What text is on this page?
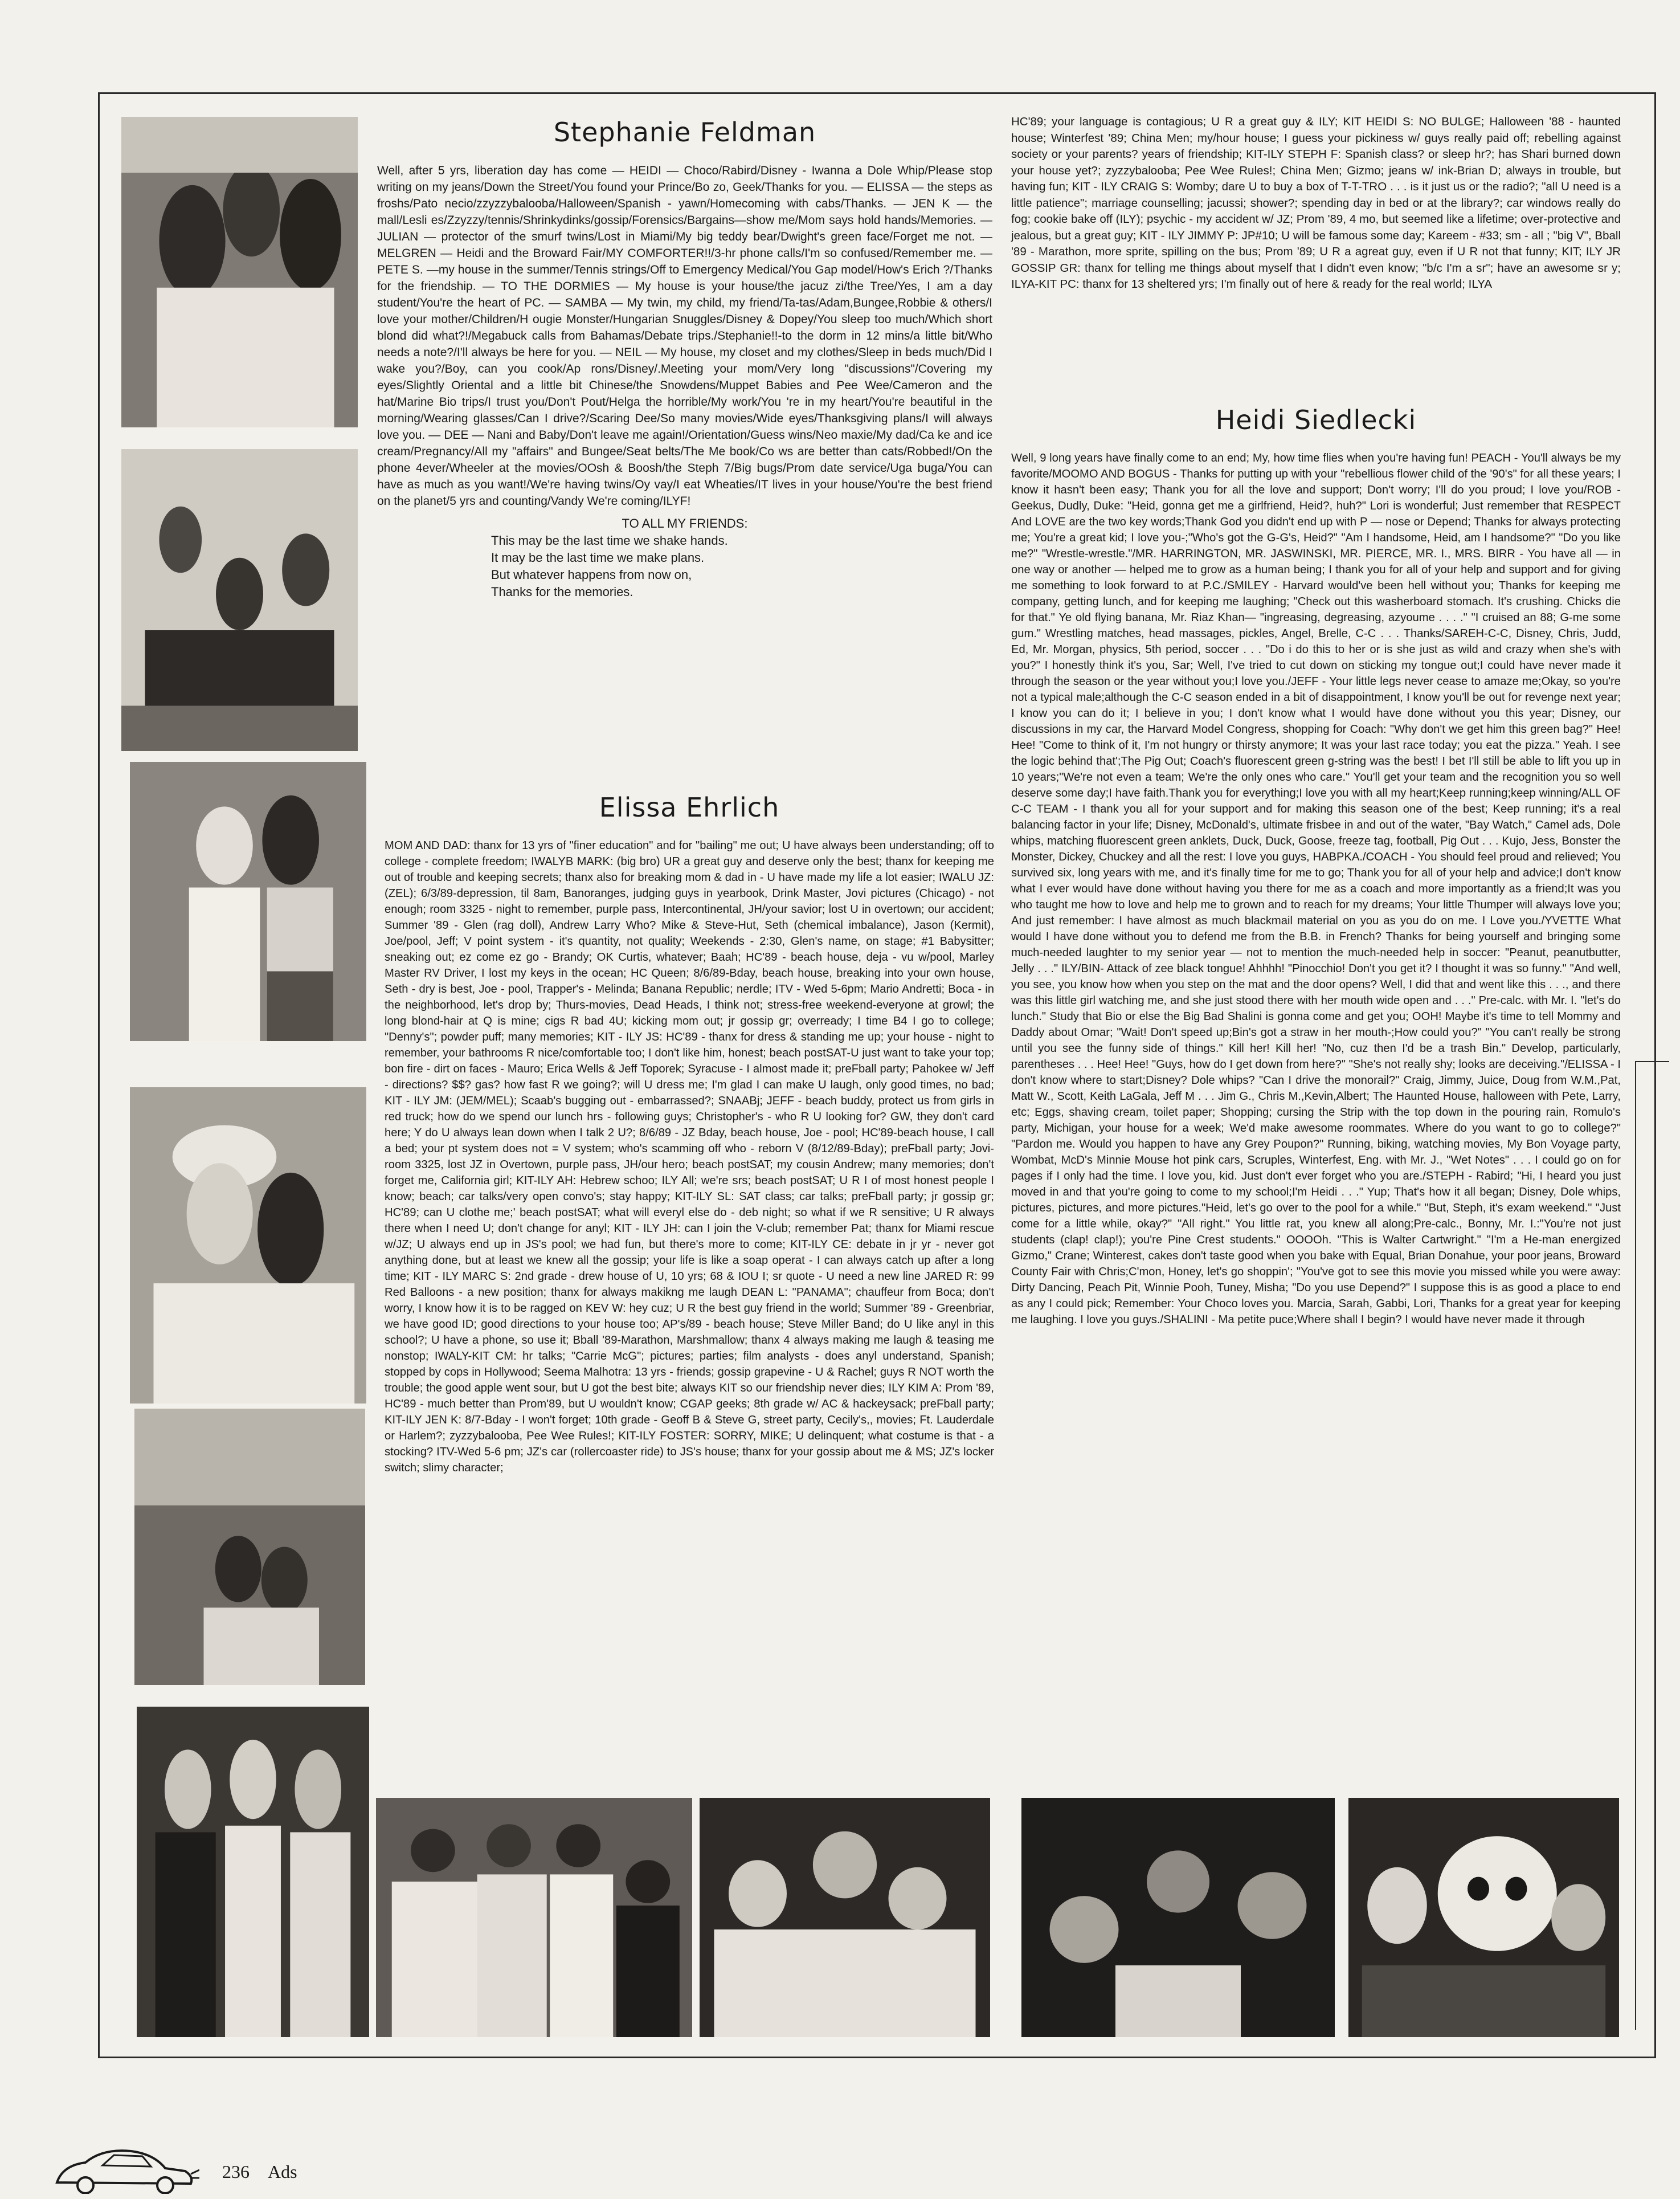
Stephanie Feldman

Well, after 5 yrs, liberation day has come — HEIDI — Choco/Rabird/Disney - Iwanna a Dole Whip/Please stop writing on my jeans/Down the Street/You found your Prince/Bo zo, Geek/Thanks for you. — ELISSA — the steps as froshs/Pato necio/zzyzzybalooba/Halloween/Spanish - yawn/Homecoming with cabs/Thanks. — JEN K — the mall/Lesli es/Zzyzzy/tennis/Shrinkydinks/gossip/Forensics/Bargains—show me/Mom says hold hands/Memories. — JULIAN — protector of the smurf twins/Lost in Miami/My big teddy bear/Dwight's green face/Forget me not. — MELGREN — Heidi and the Broward Fair/MY COMFORTER!!/3-hr phone calls/I'm so confused/Remember me. — PETE S. —my house in the summer/Tennis strings/Off to Emergency Medical/You Gap model/How's Erich ?/Thanks for the friendship. — TO THE DORMIES — My house is your house/the jacuz zi/the Tree/Yes, I am a day student/You're the heart of PC. — SAMBA — My twin, my child, my friend/Ta-tas/Adam,Bungee,Robbie & others/I love your mother/Children/H ougie Monster/Hungarian Snuggles/Disney & Dopey/You sleep too much/Which short blond did what?!/Megabuck calls from Bahamas/Debate trips./Stephanie!!-to the dorm in 12 mins/a little bit/Who needs a note?/I'll always be here for you. — NEIL — My house, my closet and my clothes/Sleep in beds much/Did I wake you?/Boy, can you cook/Ap rons/Disney/.Meeting your mom/Very long "discussions"/Covering my eyes/Slightly Oriental and a little bit Chinese/the Snowdens/Muppet Babies and Pee Wee/Cameron and the hat/Marine Bio trips/I trust you/Don't Pout/Helga the horrible/My work/You 're in my heart/You're beautiful in the morning/Wearing glasses/Can I drive?/Scaring Dee/So many movies/Wide eyes/Thanksgiving plans/I will always love you. — DEE — Nani and Baby/Don't leave me again!/Orientation/Guess wins/Neo maxie/My dad/Ca ke and ice cream/Pregnancy/All my "affairs" and Bungee/Seat belts/The Me book/Co ws are better than cats/Robbed!/On the phone 4ever/Wheeler at the movies/OOsh & Boosh/the Steph 7/Big bugs/Prom date service/Uga buga/You can have as much as you want!/We're having twins/Oy vay/I eat Wheaties/IT lives in your house/You're the best friend on the planet/5 yrs and counting/Vandy We're coming/ILYF!

TO ALL MY FRIENDS:
This may be the last time we shake hands.
It may be the last time we make plans.
But whatever happens from now on,
Thanks for the memories.
Elissa Ehrlich

MOM AND DAD: thanx for 13 yrs of "finer education" and for "bailing" me out; U have always been understanding; off to college - complete freedom; IWALYB MARK: (big bro) UR a great guy and deserve only the best; thanx for keeping me out of trouble and keeping secrets; thanx also for breaking mom & dad in - U have made my life a lot easier; IWALU JZ: (ZEL); 6/3/89-depression, til 8am, Banoranges, judging guys in yearbook, Drink Master, Jovi pictures (Chicago) - not enough; room 3325 - night to remember, purple pass, Intercontinental, JH/your savior; lost U in overtown; our accident; Summer '89 - Glen (rag doll), Andrew Larry Who? Mike & Steve-Hut, Seth (chemical imbalance), Jason (Kermit), Joe/pool, Jeff; V point system - it's quantity, not quality; Weekends - 2:30, Glen's name, on stage; #1 Babysitter; sneaking out; ez come ez go - Brandy; OK Curtis, whatever; Baah; HC'89 - beach house, deja - vu w/pool, Marley Master RV Driver, I lost my keys in the ocean; HC Queen; 8/6/89-Bday, beach house, breaking into your own house, Seth - dry is best, Joe - pool, Trapper's - Melinda; Banana Republic; nerdle; ITV - Wed 5-6pm; Mario Andretti; Boca - in the neighborhood, let's drop by; Thurs-movies, Dead Heads, I think not; stress-free weekend-everyone at growl; the long blond-hair at Q is mine; cigs R bad 4U; kicking mom out; jr gossip gr; overready; I time B4 I go to college; "Denny's"; powder puff; many memories; KIT - ILY JS: HC'89 - thanx for dress & standing me up; your house - night to remember, your bathrooms R nice/comfortable too; I don't like him, honest; beach postSAT-U just want to take your top; bon fire - dirt on faces - Mauro; Erica Wells & Jeff Toporek; Syracuse - I almost made it; preFball party; Pahokee w/ Jeff - directions? $$? gas? how fast R we going?; will U dress me; I'm glad I can make U laugh, only good times, no bad; KIT - ILY JM: (JEM/MEL); Scaab's bugging out - embarrassed?; SNAABj; JEFF - beach buddy, protect us from girls in red truck; how do we spend our lunch hrs - following guys; Christopher's - who R U looking for? GW, they don't card here; Y do U always lean down when I talk 2 U?; 8/6/89 - JZ Bday, beach house, Joe - pool; HC'89-beach house, I call a bed; your pt system does not = V system; who's scamming off who - reborn V (8/12/89-Bday); preFball party; Jovi-room 3325, lost JZ in Overtown, purple pass, JH/our hero; beach postSAT; my cousin Andrew; many memories; don't forget me, California girl; KIT-ILY AH: Hebrew schoo; ILY All; we're srs; beach postSAT; U R I of most honest people I know; beach; car talks/very open convo's; stay happy; KIT-ILY SL: SAT class; car talks; preFball party; jr gossip gr; HC'89; can U clothe me;' beach postSAT; what will everyl else do - deb night; so what if we R sensitive; U R always there when I need U; don't change for anyl; KIT - ILY JH: can I join the V-club; remember Pat; thanx for Miami rescue w/JZ; U always end up in JS's pool; we had fun, but there's more to come; KIT-ILY CE: debate in jr yr - never got anything done, but at least we knew all the gossip; your life is like a soap operat - I can always catch up after a long time; KIT - ILY MARC S: 2nd grade - drew house of U, 10 yrs; 68 & IOU I; sr quote - U need a new line JARED R: 99 Red Balloons - a new position; thanx for always makikng me laugh DEAN L: "PANAMA"; chauffeur from Boca; don't worry, I know how it is to be ragged on KEV W: hey cuz; U R the best guy friend in the world; Summer '89 - Greenbriar, we have good ID; good directions to your house too; AP's/89 - beach house; Steve Miller Band; do U like anyl in this school?; U have a phone, so use it; Bball '89-Marathon, Marshmallow; thanx 4 always making me laugh & teasing me nonstop; IWALY-KIT CM: hr talks; "Carrie McG"; pictures; parties; film analysts - does anyl understand, Spanish; stopped by cops in Hollywood; Seema Malhotra: 13 yrs - friends; gossip grapevine - U & Rachel; guys R NOT worth the trouble; the good apple went sour, but U got the best bite; always KIT so our friendship never dies; ILY KIM A: Prom '89, HC'89 - much better than Prom'89, but U wouldn't know; CGAP geeks; 8th grade w/ AC & hackeysack; preFball party; KIT-ILY JEN K: 8/7-Bday - I won't forget; 10th grade - Geoff B & Steve G, street party, Cecily's,, movies; Ft. Lauderdale or Harlem?; zyzzybalooba, Pee Wee Rules!; KIT-ILY FOSTER: SORRY, MIKE; U delinquent; what costume is that - a stocking? ITV-Wed 5-6 pm; JZ's car (rollercoaster ride) to JS's house; thanx for your gossip about me & MS; JZ's locker switch; slimy character;

HC'89; your language is contagious; U R a great guy & ILY; KIT HEIDI S: NO BULGE; Halloween '88 - haunted house; Winterfest '89; China Men; my/hour house; I guess your pickiness w/ guys really paid off; rebelling against society or your parents? years of friendship; KIT-ILY STEPH F: Spanish class? or sleep hr?; has Shari burned down your house yet?; zyzzybalooba; Pee Wee Rules!; China Men; Gizmo; jeans w/ ink-Brian D; always in trouble, but having fun; KIT - ILY CRAIG S: Womby; dare U to buy a box of T-T-TRO . . . is it just us or the radio?; "all U need is a little patience"; marriage counselling; jacussi; shower?; spending day in bed or at the library?; car windows really do fog; cookie bake off (ILY); psychic - my accident w/ JZ; Prom '89, 4 mo, but seemed like a lifetime; over-protective and jealous, but a great guy; KIT - ILY JIMMY P: JP#10; U will be famous some day; Kareem - #33; sm - all ; "big V", Bball '89 - Marathon, more sprite, spilling on the bus; Prom '89; U R a agreat guy, even if U R not that funny; KIT; ILY JR GOSSIP GR: thanx for telling me things about myself that I didn't even know; "b/c I'm a sr"; have an awesome sr y; ILYA-KIT PC: thanx for 13 sheltered yrs; I'm finally out of here & ready for the real world; ILYA

Heidi Siedlecki

Well, 9 long years have finally come to an end; My, how time flies when you're having fun! PEACH - You'll always be my favorite/MOOMO AND BOGUS - Thanks for putting up with your "rebellious flower child of the '90's" for all these years; I know it hasn't been easy; Thank you for all the love and support; Don't worry; I'll do you proud; I love you/ROB - Geekus, Dudly, Duke: "Heid, gonna get me a girlfriend, Heid?, huh?" Lori is wonderful; Just remember that RESPECT And LOVE are the two key words;Thank God you didn't end up with P — nose or Depend; Thanks for always protecting me; You're a great kid; I love you-;"Who's got the G-G's, Heid?" "Am I handsome, Heid, am I handsome?" "Do you like me?" "Wrestle-wrestle."/MR. HARRINGTON, MR. JASWINSKI, MR. PIERCE, MR. I., MRS. BIRR - You have all — in one way or another — helped me to grow as a human being; I thank you for all of your help and support and for giving me something to look forward to at P.C./SMILEY - Harvard would've been hell without you; Thanks for keeping me company, getting lunch, and for keeping me laughing; "Check out this washerboard stomach. It's crushing. Chicks die for that." Ye old flying banana, Mr. Riaz Khan— "ingreasing, degreasing, azyoume . . . ." "I cruised an 88; G-me some gum." Wrestling matches, head massages, pickles, Angel, Brelle, C-C . . . Thanks/SAREH-C-C, Disney, Chris, Judd, Ed, Mr. Morgan, physics, 5th period, soccer . . . "Do i do this to her or is she just as wild and crazy when she's with you?" I honestly think it's you, Sar; Well, I've tried to cut down on sticking my tongue out;I could have never made it through the season or the year without you;I love you./JEFF - Your little legs never cease to amaze me;Okay, so you're not a typical male;although the C-C season ended in a bit of disappointment, I know you'll be out for revenge next year; I know you can do it; I believe in you; I don't know what I would have done without you this year; Disney, our discussions in my car, the Harvard Model Congress, shopping for Coach: "Why don't we get him this green bag?" Hee! Hee! "Come to think of it, I'm not hungry or thirsty anymore; It was your last race today; you eat the pizza." Yeah. I see the logic behind that';The Pig Out; Coach's fluorescent green g-string was the best! I bet I'll still be able to lift you up in 10 years;"We're not even a team; We're the only ones who care." You'll get your team and the recognition you so well deserve some day;I have faith.Thank you for everything;I love you with all my heart;Keep running;keep winning/ALL OF C-C TEAM - I thank you all for your support and for making this season one of the best; Keep running; it's a real balancing factor in your life; Disney, McDonald's, ultimate frisbee in and out of the water, "Bay Watch," Camel ads, Dole whips, matching fluorescent green anklets, Duck, Duck, Goose, freeze tag, football, Pig Out . . . Kujo, Jess, Bonster the Monster, Dickey, Chuckey and all the rest: I love you guys, HABPKA./COACH - You should feel proud and relieved; You survived six, long years with me, and it's finally time for me to go; Thank you for all of your help and advice;I don't know what I ever would have done without having you there for me as a coach and more importantly as a friend;It was you who taught me how to love and help me to grown and to reach for my dreams; Your little Thumper will always love you; And just remember: I have almost as much blackmail material on you as you do on me. I Love you./YVETTE What would I have done without you to defend me from the B.B. in French? Thanks for being yourself and bringing some much-needed laughter to my senior year — not to mention the much-needed help in soccer: "Peanut, peanutbutter, Jelly . . ." ILY/BIN- Attack of zee black tongue! Ahhhh! "Pinocchio! Don't you get it? I thought it was so funny." "And well, you see, you know how when you step on the mat and the door opens? Well, I did that and went like this . . ., and there was this little girl watching me, and she just stood there with her mouth wide open and . . ." Pre-calc. with Mr. I. "let's do lunch." Study that Bio or else the Big Bad Shalini is gonna come and get you; OOH! Maybe it's time to tell Mommy and Daddy about Omar; "Wait! Don't speed up;Bin's got a straw in her mouth-;How could you?" "You can't really be strong until you see the funny side of things." Kill her! Kill her! "No, cuz then I'd be a trash Bin." Develop, particularly, parentheses . . . Hee! Hee! "Guys, how do I get down from here?" "She's not really shy; looks are deceiving."/ELISSA - I don't know where to start;Disney? Dole whips? "Can I drive the monorail?" Craig, Jimmy, Juice, Doug from W.M.,Pat, Matt W., Scott, Keith LaGala, Jeff M . . . Jim G., Chris M.,Kevin,Albert; The Haunted House, halloween with Pete, Larry, etc; Eggs, shaving cream, toilet paper; Shopping; cursing the Strip with the top down in the pouring rain, Romulo's party, Michigan, your house for a week; We'd make awesome roommates. Where do you want to go to college?" "Pardon me. Would you happen to have any Grey Poupon?" Running, biking, watching movies, My Bon Voyage party, Wombat, McD's Minnie Mouse hot pink cars, Scruples, Winterfest, Eng. with Mr. J., "Wet Notes" . . . I could go on for pages if I only had the time. I love you, kid. Just don't ever forget who you are./STEPH - Rabird; "Hi, I heard you just moved in and that you're going to come to my school;I'm Heidi . . ." Yup; That's how it all began; Disney, Dole whips, pictures, pictures, and more pictures."Heid, let's go over to the pool for a while." "But, Steph, it's exam weekend." "Just come for a little while, okay?" "All right." You little rat, you knew all along;Pre-calc., Bonny, Mr. I.:"You're not just students (clap! clap!); you're Pine Crest students." OOOOh. "This is Walter Cartwright." "I'm a He-man energized Gizmo," Crane; Winterest, cakes don't taste good when you bake with Equal, Brian Donahue, your poor jeans, Broward County Fair with Chris;C'mon, Honey, let's go shoppin'; "You've got to see this movie you missed while you were away: Dirty Dancing, Peach Pit, Winnie Pooh, Tuney, Misha; "Do you use Depend?" I suppose this is as good a place to end as any I could pick; Remember: Your Choco loves you. Marcia, Sarah, Gabbi, Lori, Thanks for a great year for keeping me laughing. I love you guys./SHALINI - Ma petite puce;Where shall I begin? I would have never made it through

236 Ads
